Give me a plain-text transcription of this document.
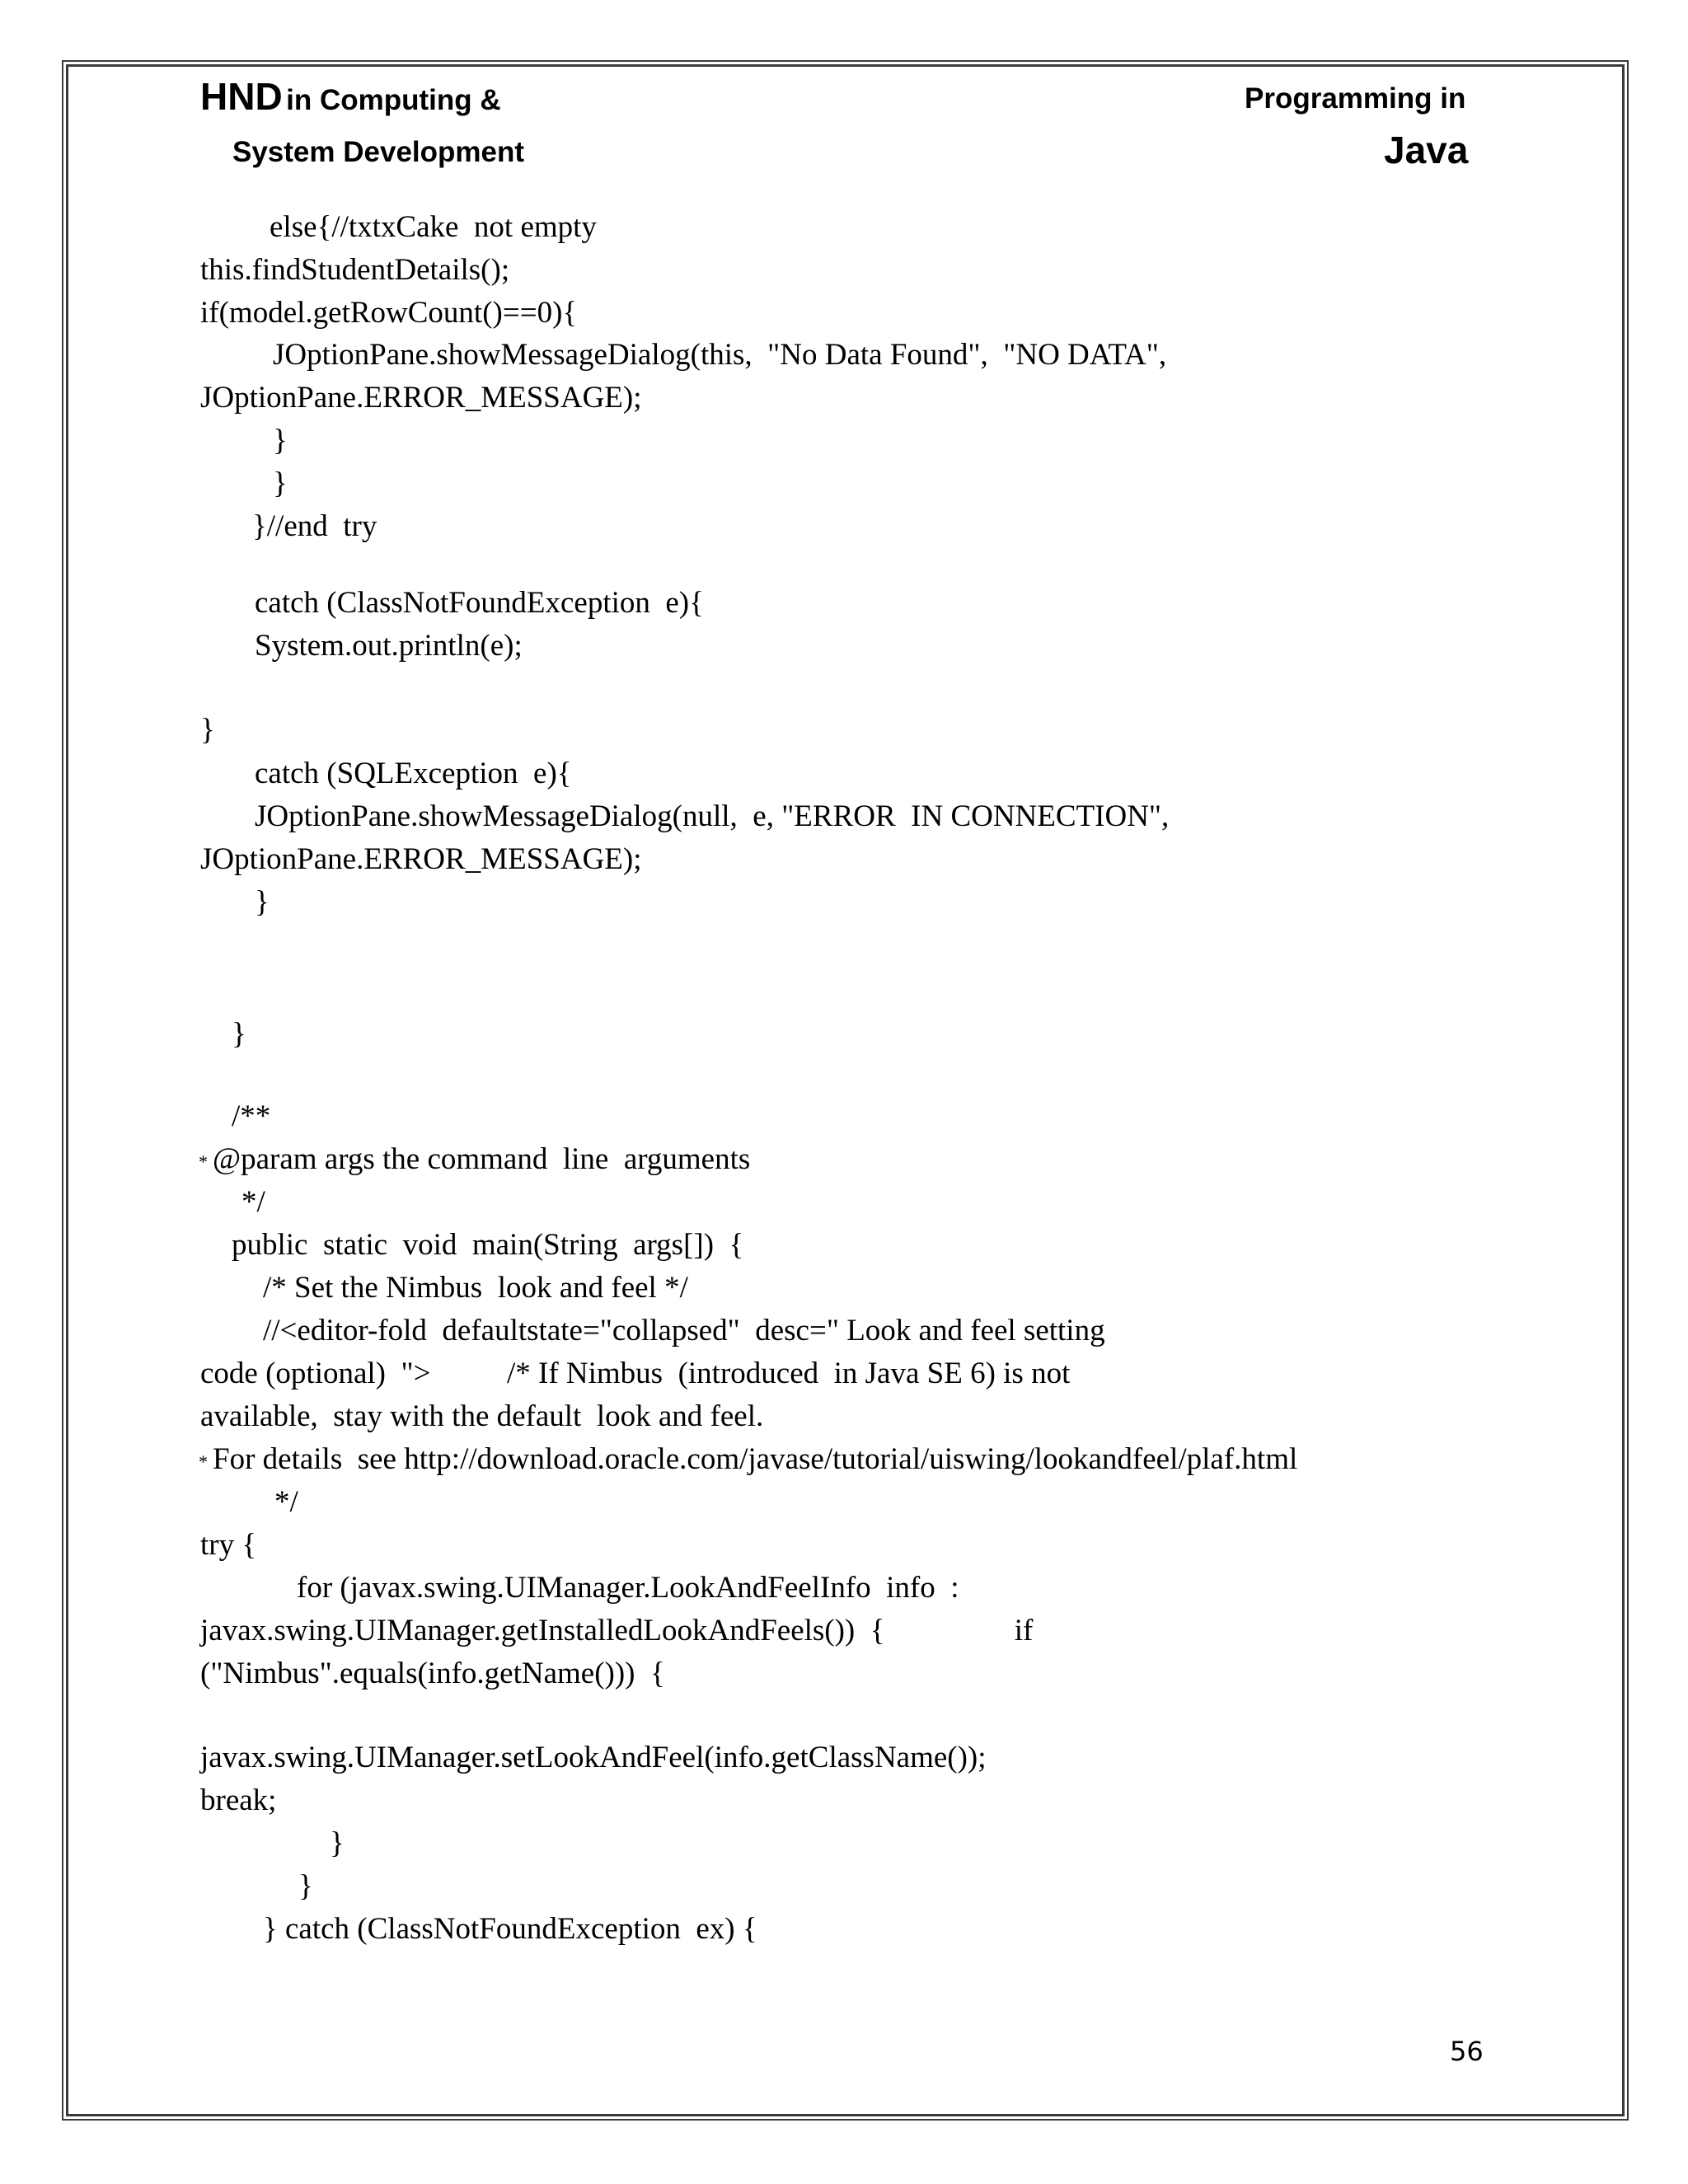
HND in Computing &
System Development
Programming in
Java
else{//txtxCake  not empty
this.findStudentDetails();
if(model.getRowCount()==0){
JOptionPane.showMessageDialog(this,  "No Data Found",  "NO DATA",
JOptionPane.ERROR_MESSAGE);
}
}
}//end  try
catch (ClassNotFoundException  e){
System.out.println(e);
}
catch (SQLException  e){
JOptionPane.showMessageDialog(null,  e, "ERROR  IN CONNECTION",
JOptionPane.ERROR_MESSAGE);
}
}
/**
* @param args the command  line  arguments
*/
public  static  void  main(String  args[])  {
/* Set the Nimbus  look and feel */
//<editor-fold  defaultstate="collapsed"  desc=" Look and feel setting
code (optional)  ">          /* If Nimbus  (introduced  in Java SE 6) is not
available,  stay with the default  look and feel.
* For details  see http://download.oracle.com/javase/tutorial/uiswing/lookandfeel/plaf.html
*/
try {
for (javax.swing.UIManager.LookAndFeelInfo  info  :
javax.swing.UIManager.getInstalledLookAndFeels())  {                 if
("Nimbus".equals(info.getName()))  {
javax.swing.UIManager.setLookAndFeel(info.getClassName());
break;
}
}
} catch (ClassNotFoundException  ex) {
56
